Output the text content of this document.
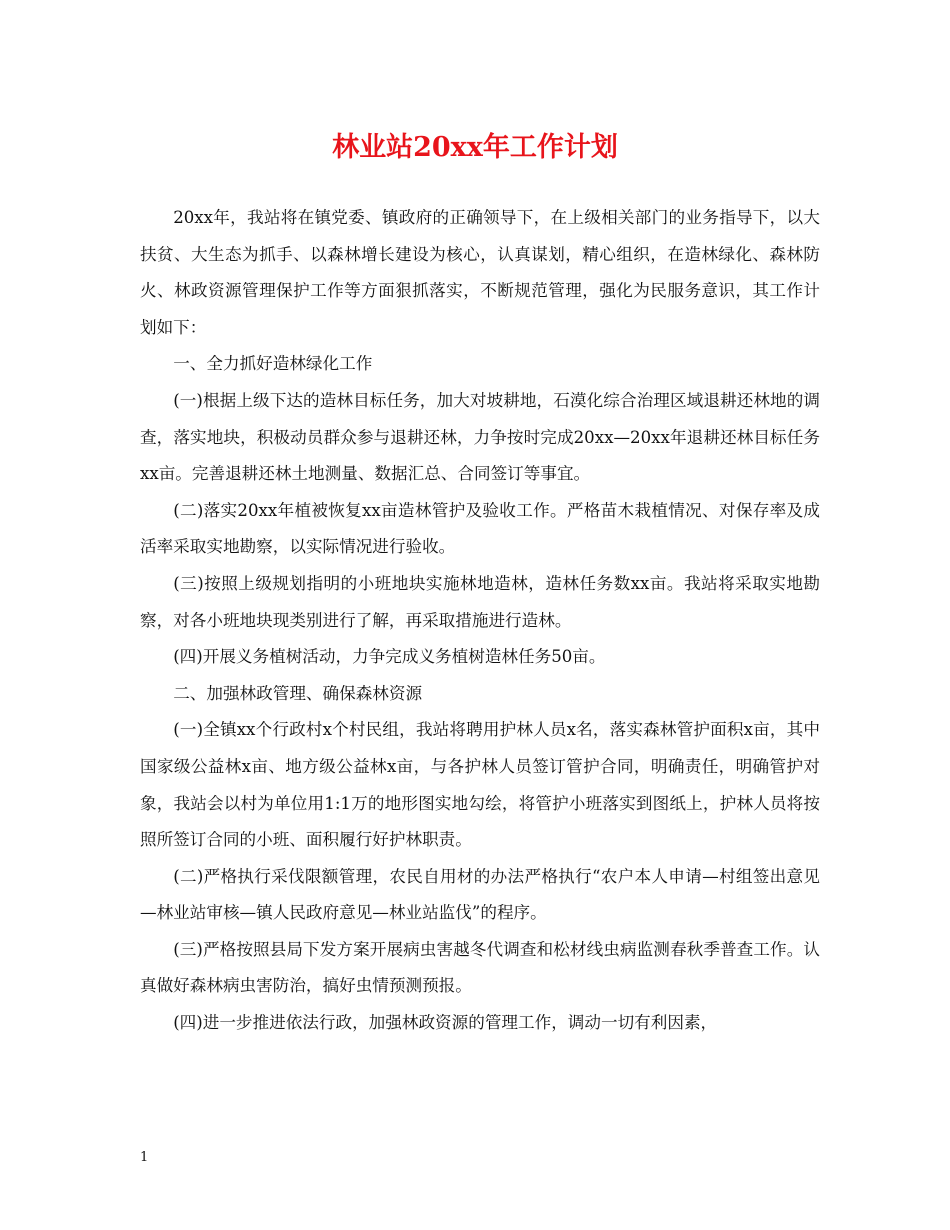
林业站20xx年工作计划

20xx年，我站将在镇党委、镇政府的正确领导下，在上级相关部门的业务指导下，以大扶贫、大生态为抓手、以森林增长建设为核心，认真谋划，精心组织，在造林绿化、森林防火、林政资源管理保护工作等方面狠抓落实，不断规范管理，强化为民服务意识，其工作计划如下：

一、全力抓好造林绿化工作

(一)根据上级下达的造林目标任务，加大对坡耕地，石漠化综合治理区域退耕还林地的调查，落实地块，积极动员群众参与退耕还林，力争按时完成20xx—20xx年退耕还林目标任务xx亩。完善退耕还林土地测量、数据汇总、合同签订等事宜。

(二)落实20xx年植被恢复xx亩造林管护及验收工作。严格苗木栽植情况、对保存率及成活率采取实地勘察，以实际情况进行验收。

(三)按照上级规划指明的小班地块实施林地造林，造林任务数xx亩。我站将采取实地勘察，对各小班地块现类别进行了解，再采取措施进行造林。

(四)开展义务植树活动，力争完成义务植树造林任务50亩。

二、加强林政管理、确保森林资源

(一)全镇xx个行政村x个村民组，我站将聘用护林人员x名，落实森林管护面积x亩，其中国家级公益林x亩、地方级公益林x亩，与各护林人员签订管护合同，明确责任，明确管护对象，我站会以村为单位用1:1万的地形图实地勾绘，将管护小班落实到图纸上，护林人员将按照所签订合同的小班、面积履行好护林职责。

(二)严格执行采伐限额管理，农民自用材的办法严格执行“农户本人申请—村组签出意见—林业站审核—镇人民政府意见—林业站监伐”的程序。

(三)严格按照县局下发方案开展病虫害越冬代调查和松材线虫病监测春秋季普查工作。认真做好森林病虫害防治，搞好虫情预测预报。

(四)进一步推进依法行政，加强林政资源的管理工作，调动一切有利因素，

1
